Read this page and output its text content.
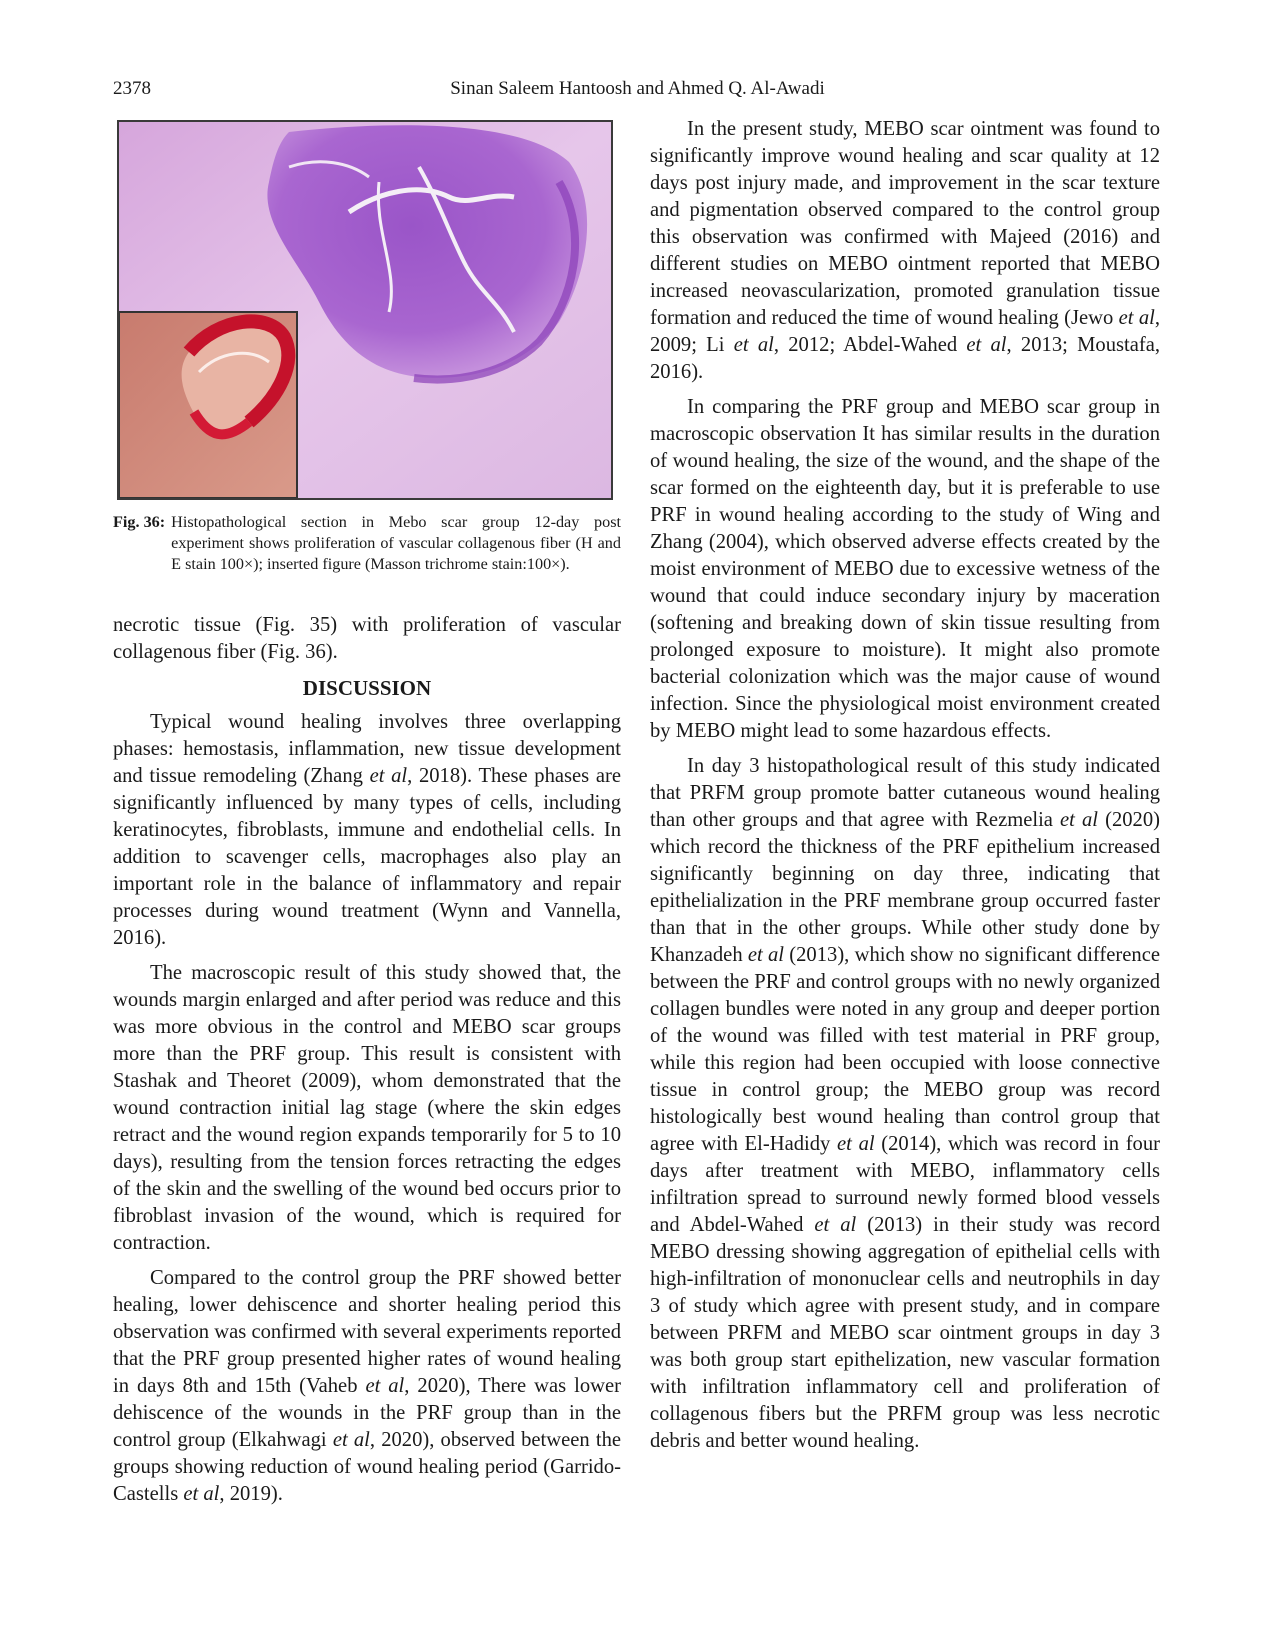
2378	Sinan Saleem Hantoosh and Ahmed Q. Al-Awadi
Fig. 36: Histopathological section in Mebo scar group 12-day post experiment shows proliferation of vascular collagenous fiber (H and E stain 100×); inserted figure (Masson trichrome stain:100×).

necrotic tissue (Fig. 35) with proliferation of vascular collagenous fiber (Fig. 36).

DISCUSSION

Typical wound healing involves three overlapping phases: hemostasis, inflammation, new tissue development and tissue remodeling (Zhang et al, 2018). These phases are significantly influenced by many types of cells, including keratinocytes, fibroblasts, immune and endothelial cells. In addition to scavenger cells, macrophages also play an important role in the balance of inflammatory and repair processes during wound treatment (Wynn and Vannella, 2016).

The macroscopic result of this study showed that, the wounds margin enlarged and after period was reduce and this was more obvious in the control and MEBO scar groups more than the PRF group. This result is consistent with Stashak and Theoret (2009), whom demonstrated that the wound contraction initial lag stage (where the skin edges retract and the wound region expands temporarily for 5 to 10 days), resulting from the tension forces retracting the edges of the skin and the swelling of the wound bed occurs prior to fibroblast invasion of the wound, which is required for contraction.

Compared to the control group the PRF showed better healing, lower dehiscence and shorter healing period this observation was confirmed with several experiments reported that the PRF group presented higher rates of wound healing in days 8th and 15th (Vaheb et al, 2020), There was lower dehiscence of the wounds in the PRF group than in the control group (Elkahwagi et al, 2020), observed between the groups showing reduction of wound healing period (Garrido-Castells et al, 2019).

In the present study, MEBO scar ointment was found to significantly improve wound healing and scar quality at 12 days post injury made, and improvement in the scar texture and pigmentation observed compared to the control group this observation was confirmed with Majeed (2016) and different studies on MEBO ointment reported that MEBO increased neovascularization, promoted granulation tissue formation and reduced the time of wound healing (Jewo et al, 2009; Li et al, 2012; Abdel-Wahed et al, 2013; Moustafa, 2016).

In comparing the PRF group and MEBO scar group in macroscopic observation It has similar results in the duration of wound healing, the size of the wound, and the shape of the scar formed on the eighteenth day, but it is preferable to use PRF in wound healing according to the study of Wing and Zhang (2004), which observed adverse effects created by the moist environment of MEBO due to excessive wetness of the wound that could induce secondary injury by maceration (softening and breaking down of skin tissue resulting from prolonged exposure to moisture). It might also promote bacterial colonization which was the major cause of wound infection. Since the physiological moist environment created by MEBO might lead to some hazardous effects.

In day 3 histopathological result of this study indicated that PRFM group promote batter cutaneous wound healing than other groups and that agree with Rezmelia et al (2020) which record the thickness of the PRF epithelium increased significantly beginning on day three, indicating that epithelialization in the PRF membrane group occurred faster than that in the other groups. While other study done by Khanzadeh et al (2013), which show no significant difference between the PRF and control groups with no newly organized collagen bundles were noted in any group and deeper portion of the wound was filled with test material in PRF group, while this region had been occupied with loose connective tissue in control group; the MEBO group was record histologically best wound healing than control group that agree with El-Hadidy et al (2014), which was record in four days after treatment with MEBO, inflammatory cells infiltration spread to surround newly formed blood vessels and Abdel-Wahed et al (2013) in their study was record MEBO dressing showing aggregation of epithelial cells with high-infiltration of mononuclear cells and neutrophils in day 3 of study which agree with present study, and in compare between PRFM and MEBO scar ointment groups in day 3 was both group start epithelization, new vascular formation with infiltration inflammatory cell and proliferation of collagenous fibers but the PRFM group was less necrotic debris and better wound healing.
